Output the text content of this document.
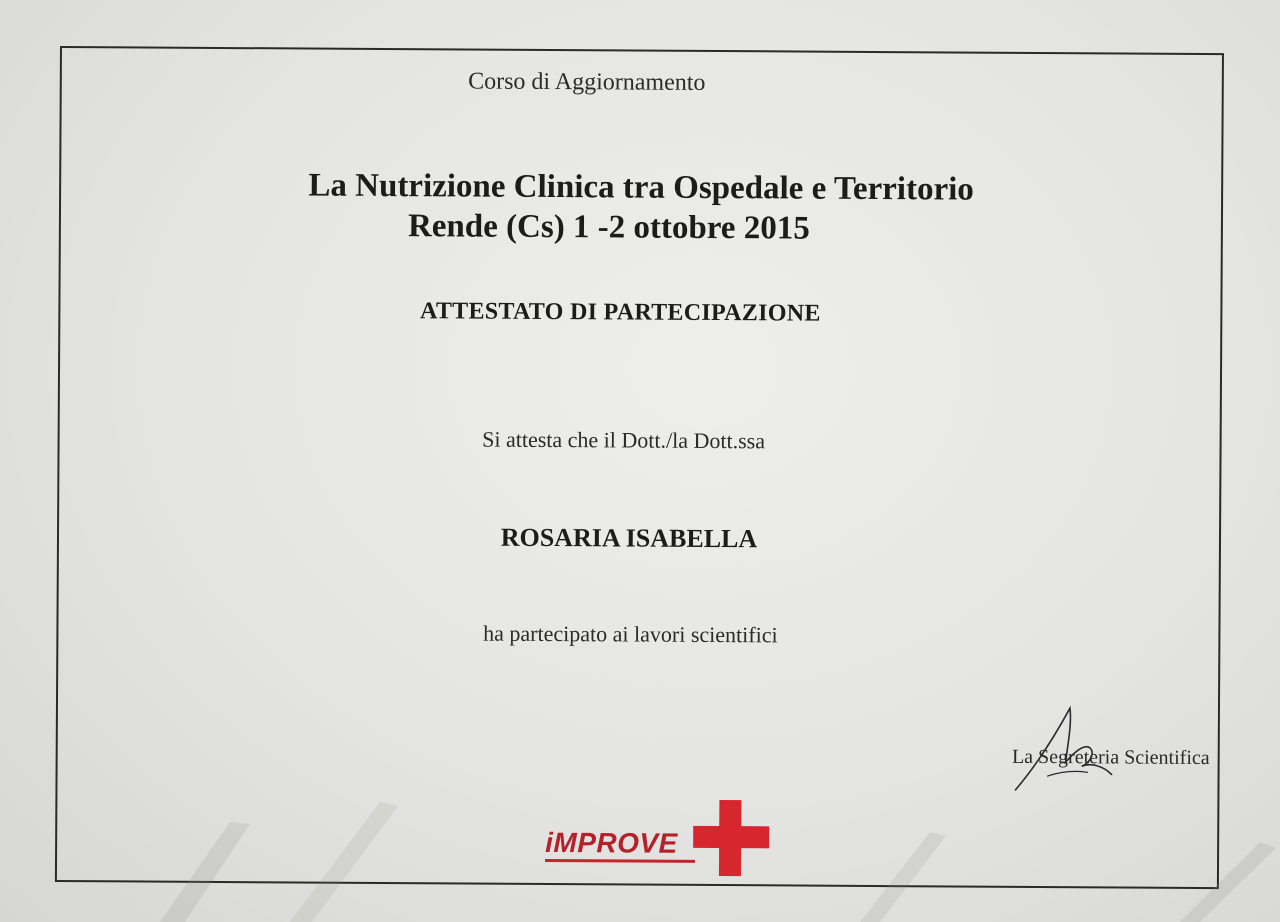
Corso di Aggiornamento
La Nutrizione Clinica tra Ospedale e Territorio
Rende (Cs) 1 -2 ottobre 2015
ATTESTATO DI PARTECIPAZIONE
Si attesta che il Dott./la Dott.ssa
ROSARIA ISABELLA
ha partecipato ai lavori scientifici
La Segreteria Scientifica
iMPROVE
